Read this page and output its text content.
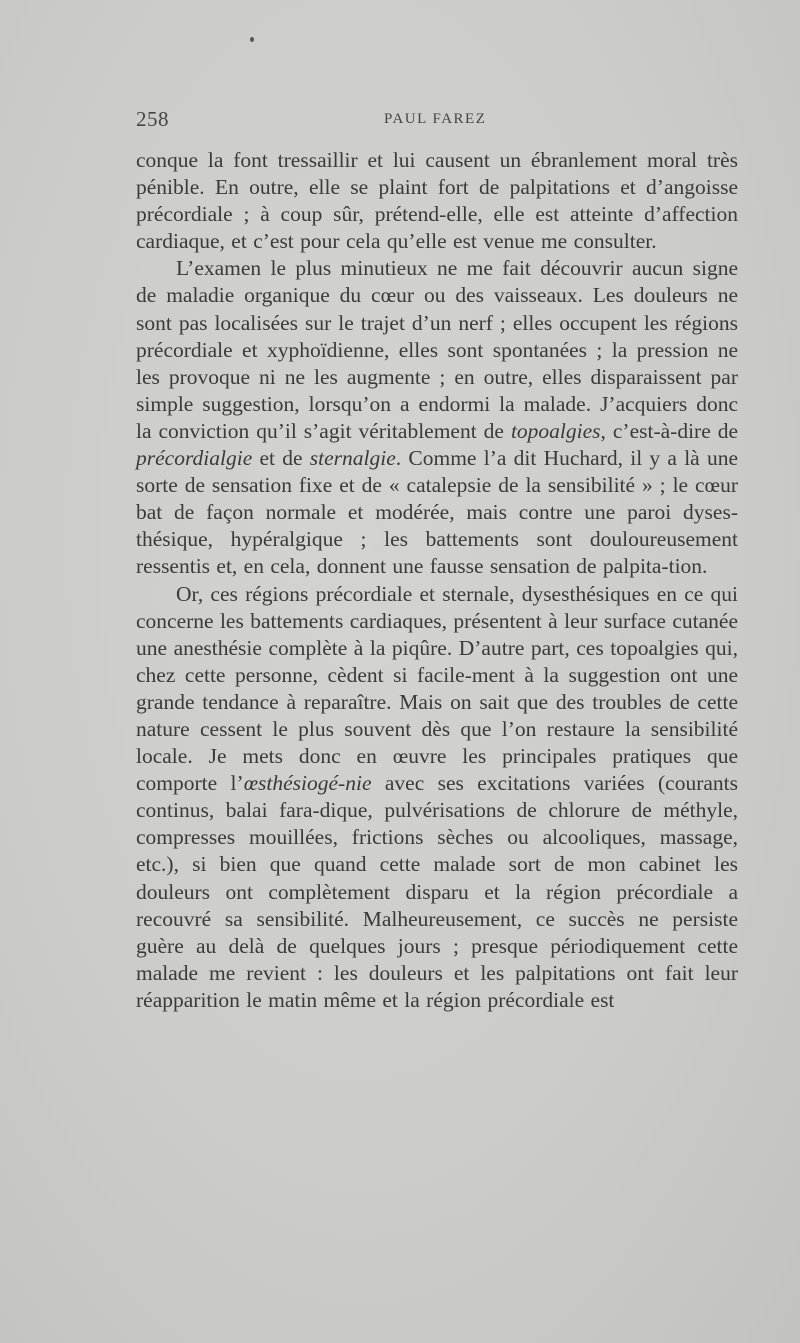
258	PAUL FAREZ

conque la font tressaillir et lui causent un ébranlement moral très pénible. En outre, elle se plaint fort de palpitations et d’angoisse précordiale ; à coup sûr, prétend-elle, elle est atteinte d’affection cardiaque, et c’est pour cela qu’elle est venue me consulter.

L’examen le plus minutieux ne me fait découvrir aucun signe de maladie organique du cœur ou des vaisseaux. Les douleurs ne sont pas localisées sur le trajet d’un nerf ; elles occupent les régions précordiale et xyphoïdienne, elles sont spontanées ; la pression ne les provoque ni ne les augmente ; en outre, elles disparaissent par simple suggestion, lorsqu’on a endormi la malade. J’acquiers donc la conviction qu’il s’agit véritablement de topoalgies, c’est-à-dire de précordialgie et de sternalgie. Comme l’a dit Huchard, il y a là une sorte de sensation fixe et de « catalepsie de la sensibilité » ; le cœur bat de façon normale et modérée, mais contre une paroi dyses-thésique, hypéralgique ; les battements sont douloureusement ressentis et, en cela, donnent une fausse sensation de palpita-tion.

Or, ces régions précordiale et sternale, dysesthésiques en ce qui concerne les battements cardiaques, présentent à leur surface cutanée une anesthésie complète à la piqûre. D’autre part, ces topoalgies qui, chez cette personne, cèdent si facile-ment à la suggestion ont une grande tendance à reparaître. Mais on sait que des troubles de cette nature cessent le plus souvent dès que l’on restaure la sensibilité locale. Je mets donc en œuvre les principales pratiques que comporte l’œsthésiogé-nie avec ses excitations variées (courants continus, balai fara-dique, pulvérisations de chlorure de méthyle, compresses mouillées, frictions sèches ou alcooliques, massage, etc.), si bien que quand cette malade sort de mon cabinet les douleurs ont complètement disparu et la région précordiale a recouvré sa sensibilité. Malheureusement, ce succès ne persiste guère au delà de quelques jours ; presque périodiquement cette malade me revient : les douleurs et les palpitations ont fait leur réapparition le matin même et la région précordiale est
